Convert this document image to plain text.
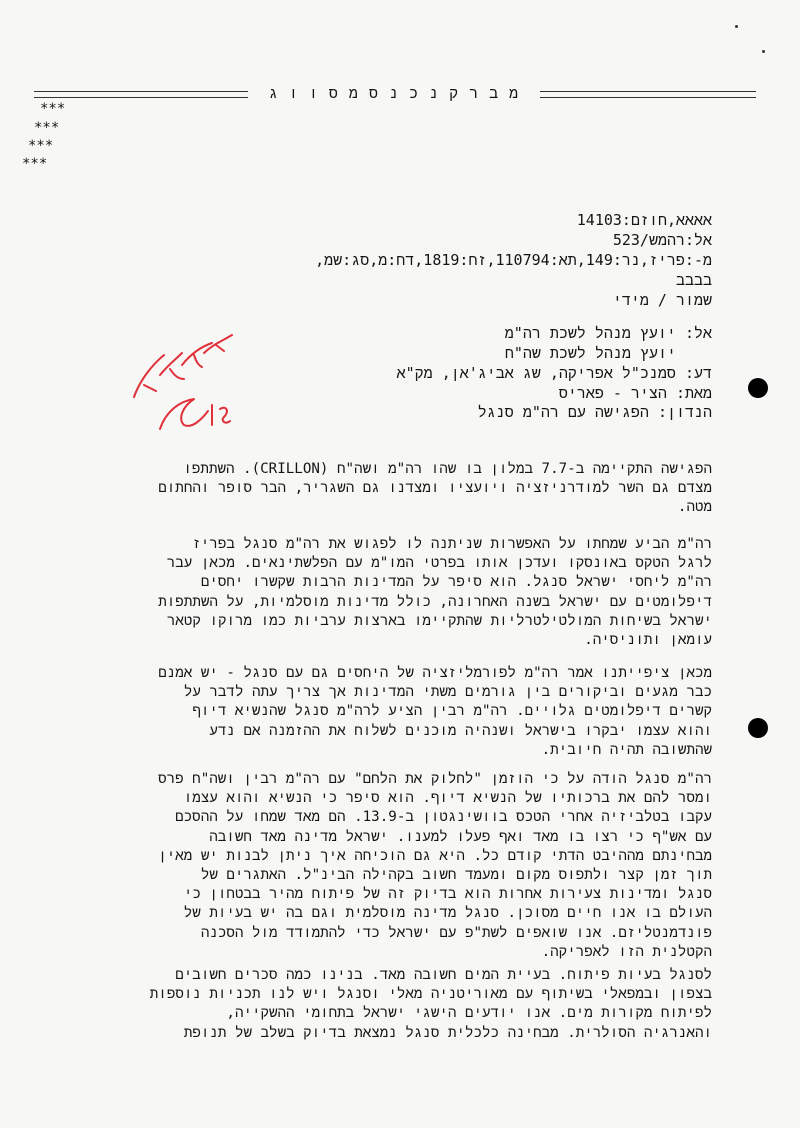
מ ב ר ק נ כ נ ס מ ס ו ו ג
***
***
***
***
אאאא,חוזם:14103
אל:רהמש/523
מ-:פריז,נר:149,תא:110794,זח:1819,דח:מ,סג:שמ,
בבבב
שמור / מידי
אל: יועץ מנהל לשכת רה"מ
יועץ מנהל לשכת שה"ח
דע: סמנכ"ל אפריקה, שג אביג'אן, מק"א
מאת: הציר - פאריס
הנדון: הפגישה עם רה"מ סנגל
הפגישה התקיימה ב-7.7 במלון בו שהו רה"מ ושה"ח (CRILLON). השתתפו
מצדם גם השר למודרניזציה ויועציו ומצדנו גם השגריר, הבר סופר והחתום
מטה.
רה"מ הביע שמחתו על האפשרות שניתנה לו לפגוש את רה"מ סנגל בפריז
לרגל הטקס באונסקו ועדכן אותו בפרטי המו"מ עם הפלשתינאים. מכאן עבר
רה"מ ליחסי ישראל סנגל. הוא סיפר על המדינות הרבות שקשרו יחסים
דיפלומטים עם ישראל בשנה האחרונה, כולל מדינות מוסלמיות, על השתתפות
ישראל בשיחות המולטילטרליות שהתקיימו בארצות ערביות כמו מרוקו קטאר
עומאן ותוניסיה.
מכאן ציפייתנו אמר רה"מ לפורמליזציה של היחסים גם עם סנגל - יש אמנם
כבר מגעים וביקורים בין גורמים משתי המדינות אך צריך עתה לדבר על
קשרים דיפלומטים גלויים. רה"מ רבין הציע לרה"מ סנגל שהנשיא דיוף
והוא עצמו יבקרו בישראל ושנהיה מוכנים לשלוח את ההזמנה אם נדע
שהתשובה תהיה חיובית.
רה"מ סנגל הודה על כי הוזמן "לחלוק את הלחם" עם רה"מ רבין ושה"ח פרס
ומסר להם את ברכותיו של הנשיא דיוף. הוא סיפר כי הנשיא והוא עצמו
עקבו בטלביזיה אחרי הטכס בוושינגטון ב-13.9. הם מאד שמחו על ההסכם
עם אש"ף כי רצו בו מאד ואף פעלו למענו. ישראל מדינה מאד חשובה
מבחינתם מההיבט הדתי קודם כל. היא גם הוכיחה איך ניתן לבנות יש מאין
תוך זמן קצר ולתפוס מקום ומעמד חשוב בקהילה הבינ"ל. האתגרים של
סנגל ומדינות צעירות אחרות הוא בדיוק זה של פיתוח מהיר בבטחון כי
העולם בו אנו חיים מסוכן. סנגל מדינה מוסלמית וגם בה יש בעיות של
פונדמנטליזם. אנו שואפים לשת"פ עם ישראל כדי להתמודד מול הסכנה
הקטלנית הזו לאפריקה.
לסנגל בעיות פיתוח. בעיית המים חשובה מאד. בנינו כמה סכרים חשובים
בצפון ובמפאלי בשיתוף עם מאוריטניה מאלי וסנגל ויש לנו תכניות נוספות
לפיתוח מקורות מים. אנו יודעים הישגי ישראל בתחומי ההשקייה,
והאנרגיה הסולרית. מבחינה כלכלית סנגל נמצאת בדיוק בשלב של תנופת
